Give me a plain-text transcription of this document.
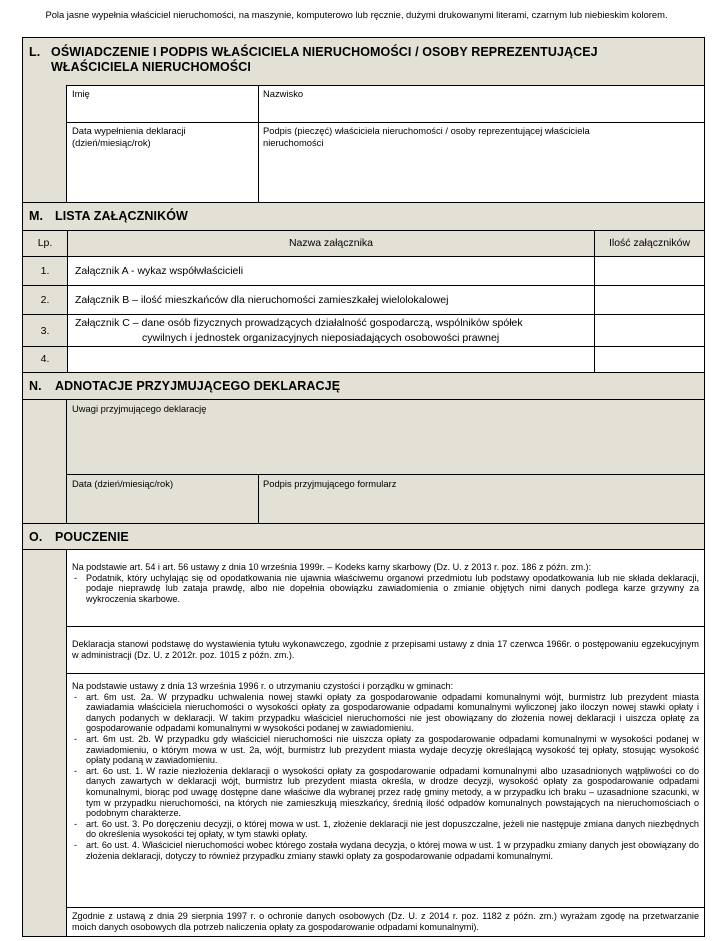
Pola jasne wypełnia właściciel nieruchomości, na maszynie, komputerowo lub ręcznie, dużymi drukowanymi literami, czarnym lub niebieskim kolorem.
L. OŚWIADCZENIE I PODPIS WŁAŚCICIELA NIERUCHOMOŚCI / OSOBY REPREZENTUJĄCEJ
WŁAŚCICIELA NIERUCHOMOŚCI
Imię	Nazwisko
Data wypełnienia deklaracji
(dzień/miesiąc/rok)
Podpis (pieczęć) właściciela nieruchomości / osoby reprezentującej właściciela
nieruchomości
M. LISTA ZAŁĄCZNIKÓW
Lp.	Nazwa załącznika	Ilość załączników
1.	Załącznik A - wykaz współwłaścicieli
2.	Załącznik B – ilość mieszkańców dla nieruchomości zamieszkałej wielolokalowej
3.
Załącznik C – dane osób fizycznych prowadzących działalność gospodarczą, wspólników spółek
cywilnych i jednostek organizacyjnych nieposiadających osobowości prawnej
4.
N. ADNOTACJE PRZYJMUJĄCEGO DEKLARACJĘ
Uwagi przyjmującego deklarację
Data (dzień/miesiąc/rok)	Podpis przyjmującego formularz
O. POUCZENIE

Na podstawie art. 54 i art. 56 ustawy z dnia 10 września 1999r. – Kodeks karny skarbowy (Dz. U. z 2013 r. poz. 186 z późn. zm.):

- Podatnik, który uchylając się od opodatkowania nie ujawnia właściwemu organowi przedmiotu lub podstawy opodatkowania lub nie składa deklaracji, podaje nieprawdę lub zataja prawdę, albo nie dopełnia obowiązku zawiadomienia o zmianie objętych nimi danych podlega karze grzywny za wykroczenia skarbowe.

Deklaracja stanowi podstawę do wystawienia tytułu wykonawczego, zgodnie z przepisami ustawy z dnia 17 czerwca 1966r. o postępowaniu egzekucyjnym w administracji (Dz. U. z 2012r. poz. 1015 z późn. zm.).

Na podstawie ustawy z dnia 13 września 1996 r. o utrzymaniu czystości i porządku w gminach:

- art. 6m ust. 2a. W przypadku uchwalenia nowej stawki opłaty za gospodarowanie odpadami komunalnymi wójt, burmistrz lub prezydent miasta zawiadamia właściciela nieruchomości o wysokości opłaty za gospodarowanie odpadami komunalnymi wyliczonej jako iloczyn nowej stawki opłaty i danych podanych w deklaracji. W takim przypadku właściciel nieruchomości nie jest obowiązany do złożenia nowej deklaracji i uiszcza opłatę za gospodarowanie odpadami komunalnymi w wysokości podanej w zawiadomieniu.
- art. 6m ust. 2b. W przypadku gdy właściciel nieruchomości nie uiszcza opłaty za gospodarowanie odpadami komunalnymi w wysokości podanej w zawiadomieniu, o którym mowa w ust. 2a, wójt, burmistrz lub prezydent miasta wydaje decyzję określającą wysokość tej opłaty, stosując wysokość opłaty podaną w zawiadomieniu.
- art. 6o ust. 1. W razie niezłożenia deklaracji o wysokości opłaty za gospodarowanie odpadami komunalnymi albo uzasadnionych wątpliwości co do danych zawartych w deklaracji wójt, burmistrz lub prezydent miasta określa, w drodze decyzji, wysokość opłaty za gospodarowanie odpadami komunalnymi, biorąc pod uwagę dostępne dane właściwe dla wybranej przez radę gminy metody, a w przypadku ich braku – uzasadnione szacunki, w tym w przypadku nieruchomości, na których nie zamieszkują mieszkańcy, średnią ilość odpadów komunalnych powstających na nieruchomościach o podobnym charakterze.
- art. 6o ust. 3. Po doręczeniu decyzji, o której mowa w ust. 1, złożenie deklaracji nie jest dopuszczalne, jeżeli nie następuje zmiana danych niezbędnych do określenia wysokości tej opłaty, w tym stawki opłaty.
- art. 6o ust. 4. Właściciel nieruchomości wobec którego została wydana decyzja, o której mowa w ust. 1 w przypadku zmiany danych jest obowiązany do złożenia deklaracji, dotyczy to również przypadku zmiany stawki opłaty za gospodarowanie odpadami komunalnymi.

Zgodnie z ustawą z dnia 29 sierpnia 1997 r. o ochronie danych osobowych (Dz. U. z 2014 r. poz. 1182 z późn. zm.) wyrażam zgodę na przetwarzanie moich danych osobowych dla potrzeb naliczenia opłaty za gospodarowanie odpadami komunalnymi).
